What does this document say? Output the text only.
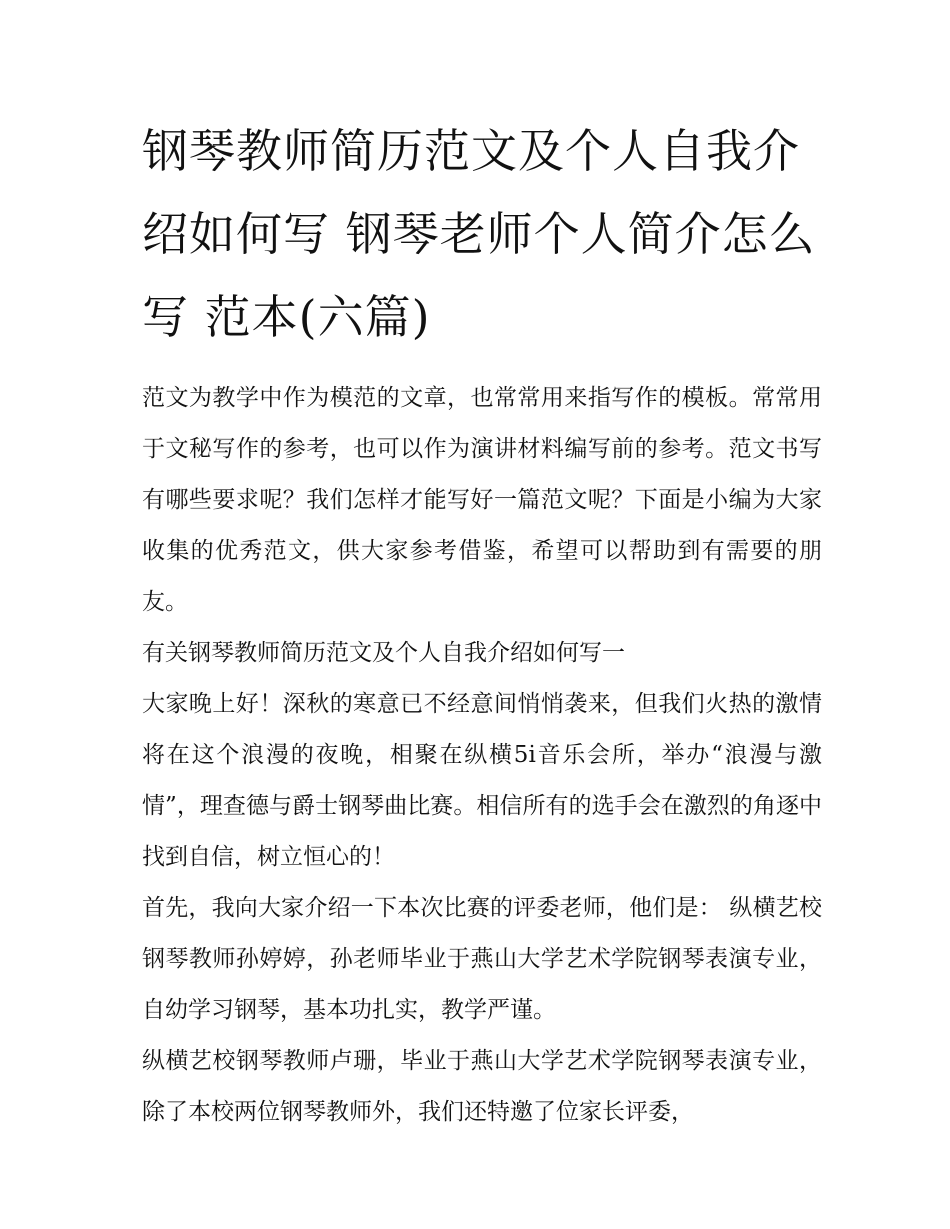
钢琴教师简历范文及个人自我介绍如何写 钢琴老师个人简介怎么写 范本(六篇)

范文为教学中作为模范的文章，也常常用来指写作的模板。常常用于文秘写作的参考，也可以作为演讲材料编写前的参考。范文书写有哪些要求呢？我们怎样才能写好一篇范文呢？下面是小编为大家收集的优秀范文，供大家参考借鉴，希望可以帮助到有需要的朋友。

有关钢琴教师简历范文及个人自我介绍如何写一

大家晚上好！深秋的寒意已不经意间悄悄袭来，但我们火热的激情将在这个浪漫的夜晚，相聚在纵横5i音乐会所，举办“浪漫与激情”，理查德与爵士钢琴曲比赛。相信所有的选手会在激烈的角逐中找到自信，树立恒心的！

首先，我向大家介绍一下本次比赛的评委老师，他们是： 纵横艺校钢琴教师孙婷婷，孙老师毕业于燕山大学艺术学院钢琴表演专业，自幼学习钢琴，基本功扎实，教学严谨。

纵横艺校钢琴教师卢珊，毕业于燕山大学艺术学院钢琴表演专业， 除了本校两位钢琴教师外，我们还特邀了位家长评委，
